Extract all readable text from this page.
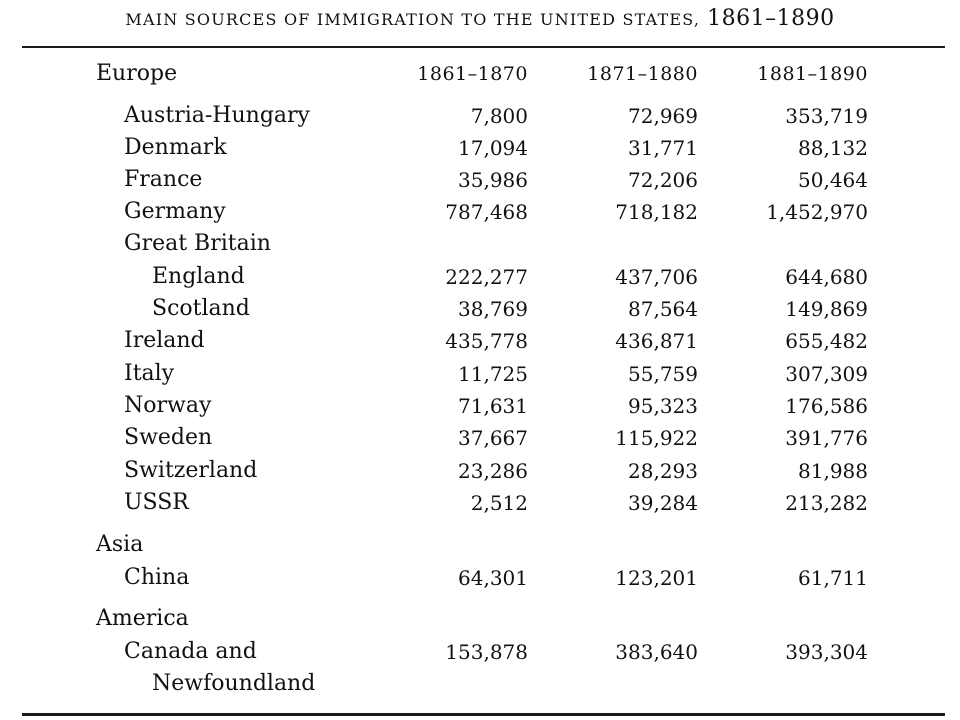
MAIN SOURCES OF IMMIGRATION TO THE UNITED STATES, 1861–1890
Europe	1861–1870	1871–1880	1881–1890
Austria-Hungary	7,800	72,969	353,719
Denmark	17,094	31,771	88,132
France	35,986	72,206	50,464
Germany	787,468	718,182	1,452,970
Great Britain
England	222,277	437,706	644,680
Scotland	38,769	87,564	149,869
Ireland	435,778	436,871	655,482
Italy	11,725	55,759	307,309
Norway	71,631	95,323	176,586
Sweden	37,667	115,922	391,776
Switzerland	23,286	28,293	81,988
USSR	2,512	39,284	213,282
Asia
China	64,301	123,201	61,711
America
Canada and	153,878	383,640	393,304
Newfoundland
